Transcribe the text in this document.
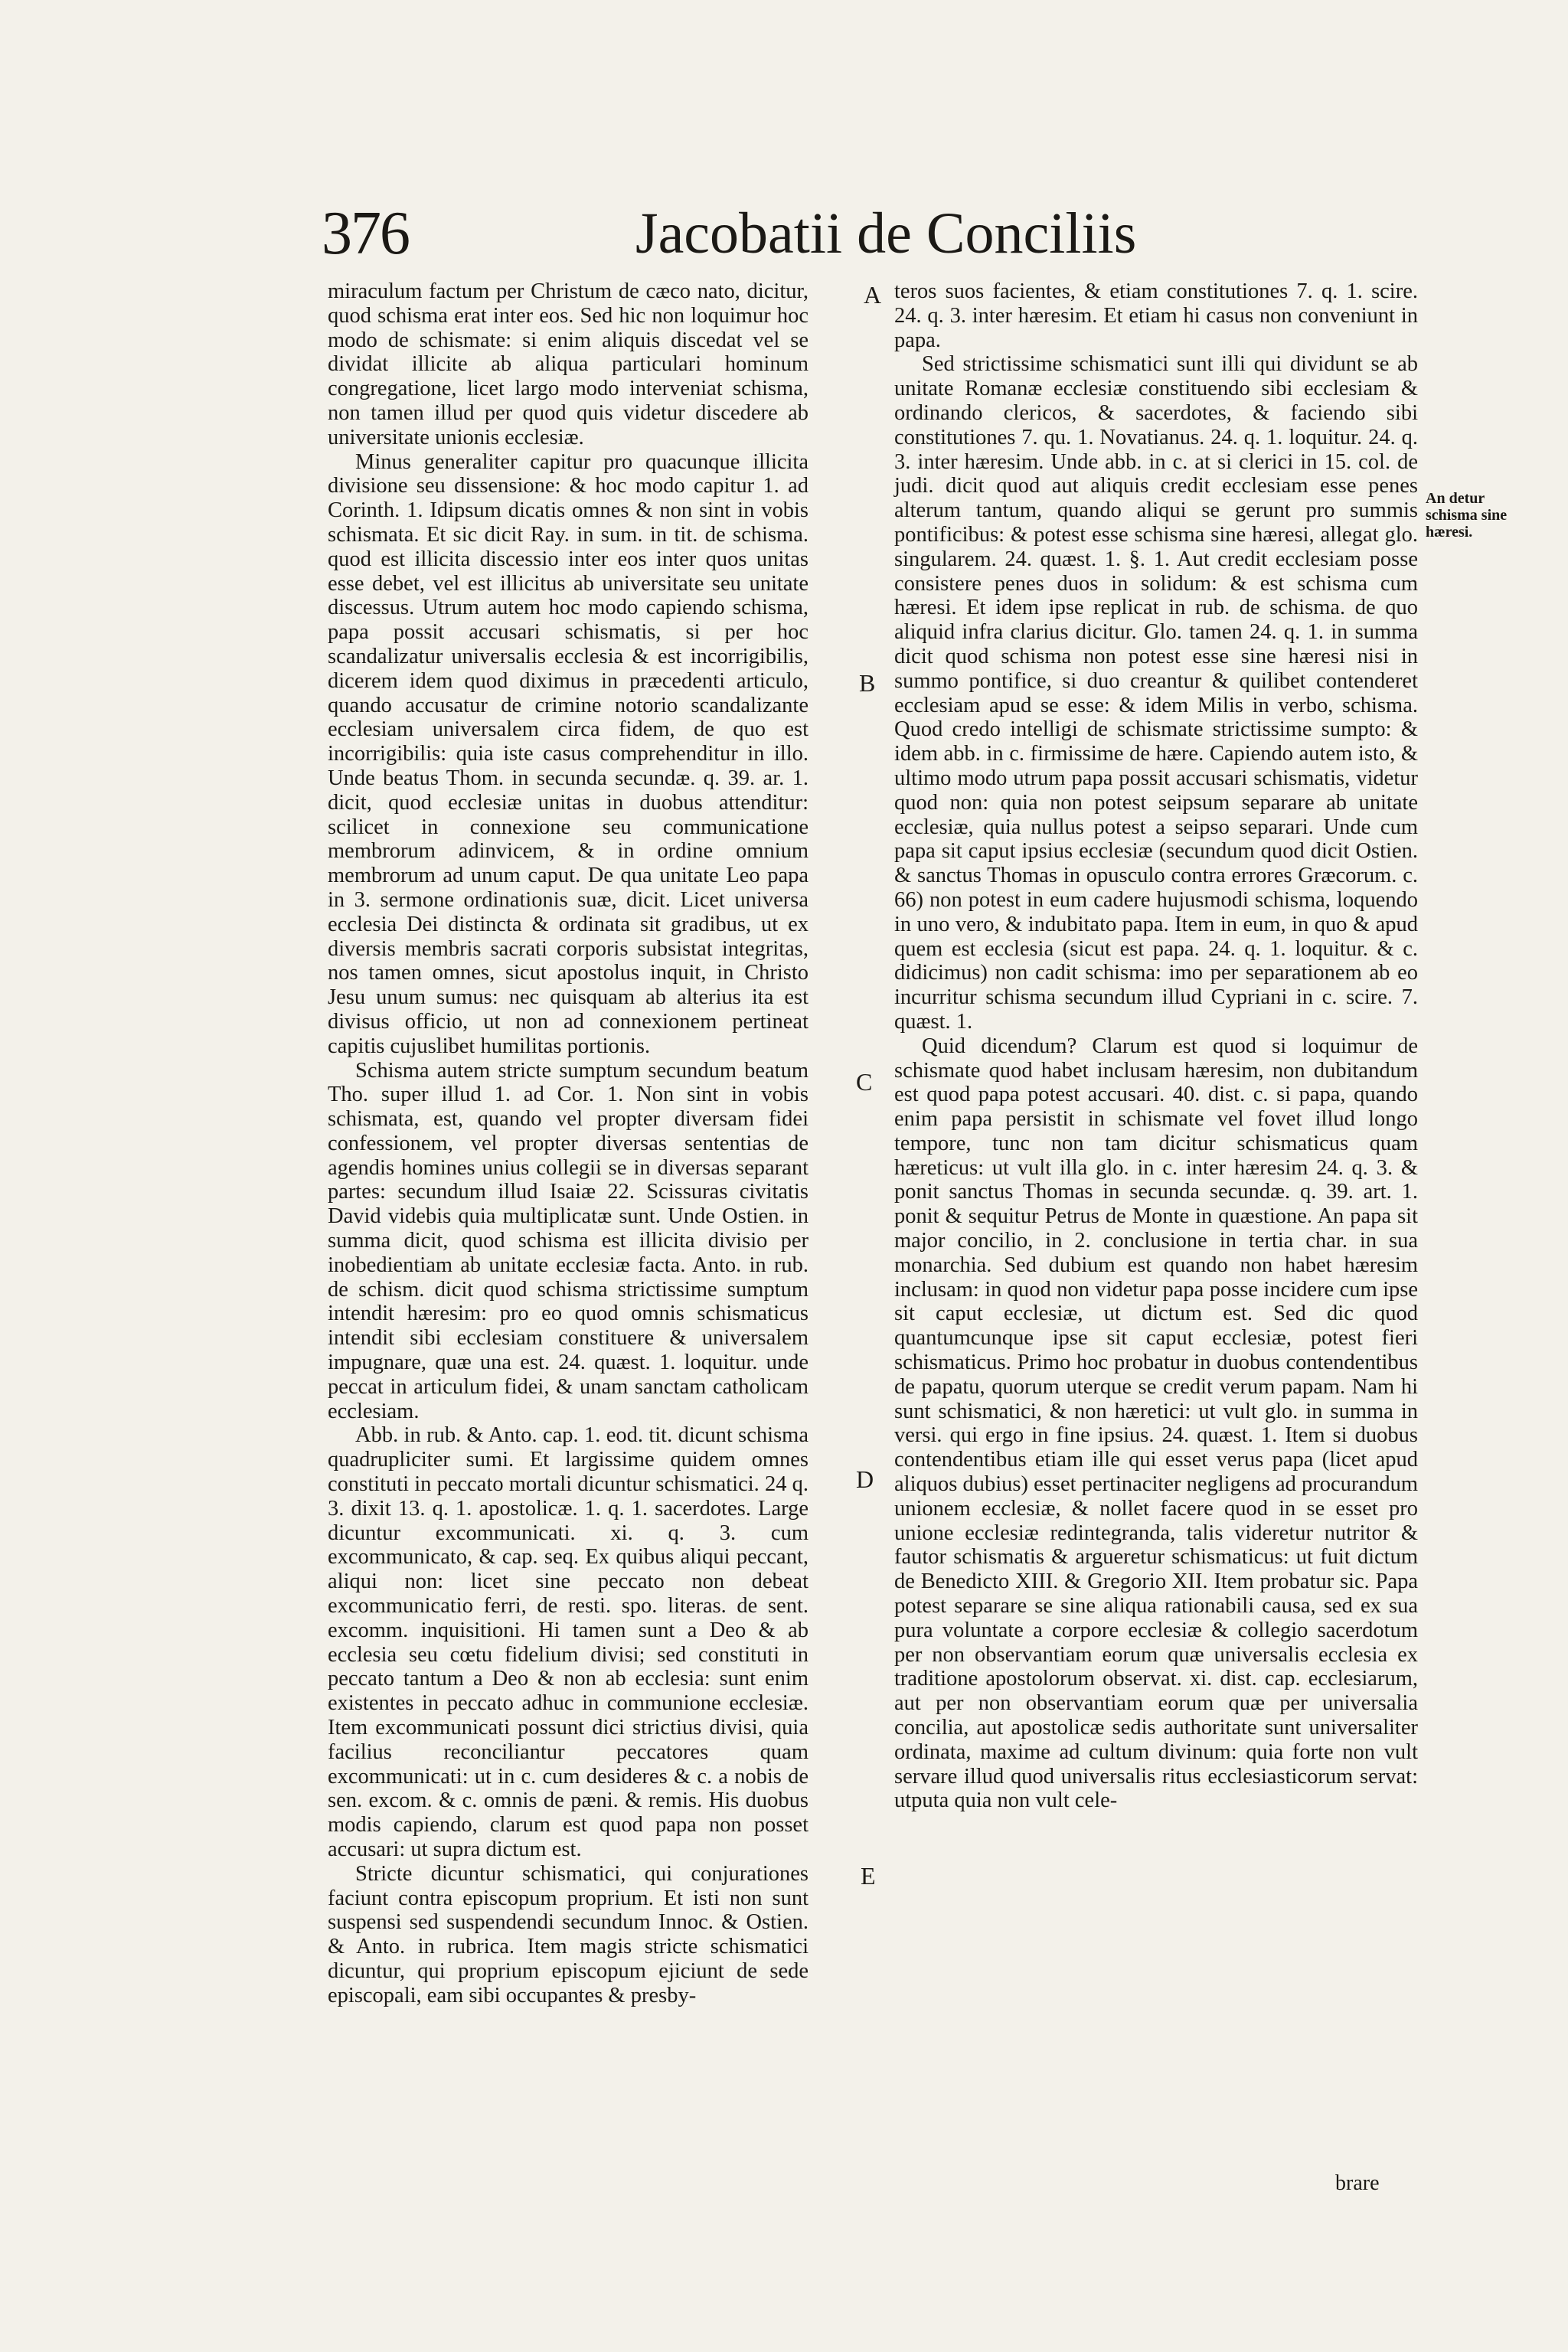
376	Jacobatii de Conciliis

miraculum factum per Christum de cæco nato, dicitur, quod schisma erat inter eos. Sed hic non loquimur hoc modo de schismate: si enim aliquis discedat vel se dividat illicite ab aliqua particulari hominum congregatione, licet largo modo interveniat schisma, non tamen illud per quod quis videtur discedere ab universitate unionis ecclesiæ.

Minus generaliter capitur pro quacunque illicita divisione seu dissensione: & hoc modo capitur 1. ad Corinth. 1. Idipsum dicatis omnes & non sint in vobis schismata. Et sic dicit Ray. in sum. in tit. de schisma. quod est illicita discessio inter eos inter quos unitas esse debet, vel est illicitus ab universitate seu unitate discessus. Utrum autem hoc modo capiendo schisma, papa possit accusari schismatis, si per hoc scandalizatur universalis ecclesia & est incorrigibilis, dicerem idem quod diximus in præcedenti articulo, quando accusatur de crimine notorio scandalizante ecclesiam universalem circa fidem, de quo est incorrigibilis: quia iste casus comprehenditur in illo. Unde beatus Thom. in secunda secundæ. q. 39. ar. 1. dicit, quod ecclesiæ unitas in duobus attenditur: scilicet in connexione seu communicatione membrorum adinvicem, & in ordine omnium membrorum ad unum caput. De qua unitate Leo papa in 3. sermone ordinationis suæ, dicit. Licet universa ecclesia Dei distincta & ordinata sit gradibus, ut ex diversis membris sacrati corporis subsistat integritas, nos tamen omnes, sicut apostolus inquit, in Christo Jesu unum sumus: nec quisquam ab alterius ita est divisus officio, ut non ad connexionem pertineat capitis cujuslibet humilitas portionis.

Schisma autem stricte sumptum secundum beatum Tho. super illud 1. ad Cor. 1. Non sint in vobis schismata, est, quando vel propter diversam fidei confessionem, vel propter diversas sententias de agendis homines unius collegii se in diversas separant partes: secundum illud Isaiæ 22. Scissuras civitatis David videbis quia multiplicatæ sunt. Unde Ostien. in summa dicit, quod schisma est illicita divisio per inobedientiam ab unitate ecclesiæ facta. Anto. in rub. de schism. dicit quod schisma strictissime sumptum intendit hæresim: pro eo quod omnis schismaticus intendit sibi ecclesiam constituere & universalem impugnare, quæ una est. 24. quæst. 1. loquitur. unde peccat in articulum fidei, & unam sanctam catholicam ecclesiam.

Abb. in rub. & Anto. cap. 1. eod. tit. dicunt schisma quadrupliciter sumi. Et largissime quidem omnes constituti in peccato mortali dicuntur schismatici. 24 q. 3. dixit 13. q. 1. apostolicæ. 1. q. 1. sacerdotes. Large dicuntur excommunicati. xi. q. 3. cum excommunicato, & cap. seq. Ex quibus aliqui peccant, aliqui non: licet sine peccato non debeat excommunicatio ferri, de resti. spo. literas. de sent. excomm. inquisitioni. Hi tamen sunt a Deo & ab ecclesia seu cœtu fidelium divisi; sed constituti in peccato tantum a Deo & non ab ecclesia: sunt enim existentes in peccato adhuc in communione ecclesiæ. Item excommunicati possunt dici strictius divisi, quia facilius reconciliantur peccatores quam excommunicati: ut in c. cum desideres & c. a nobis de sen. excom. & c. omnis de pæni. & remis. His duobus modis capiendo, clarum est quod papa non posset accusari: ut supra dictum est.

Stricte dicuntur schismatici, qui conjurationes faciunt contra episcopum proprium. Et isti non sunt suspensi sed suspendendi secundum Innoc. & Ostien. & Anto. in rubrica. Item magis stricte schismatici dicuntur, qui proprium episcopum ejiciunt de sede episcopali, eam sibi occupantes & presby-

A
B
C
D
E

teros suos facientes, & etiam constitutiones 7. q. 1. scire. 24. q. 3. inter hæresim. Et etiam hi casus non conveniunt in papa.

Sed strictissime schismatici sunt illi qui dividunt se ab unitate Romanæ ecclesiæ constituendo sibi ecclesiam & ordinando clericos, & sacerdotes, & faciendo sibi constitutiones 7. qu. 1. Novatianus. 24. q. 1. loquitur. 24. q. 3. inter hæresim. Unde abb. in c. at si clerici in 15. col. de judi. dicit quod aut aliquis credit ecclesiam esse penes alterum tantum, quando aliqui se gerunt pro summis pontificibus: & potest esse schisma sine hæresi, allegat glo. singularem. 24. quæst. 1. §. 1. Aut credit ecclesiam posse consistere penes duos in solidum: & est schisma cum hæresi. Et idem ipse replicat in rub. de schisma. de quo aliquid infra clarius dicitur. Glo. tamen 24. q. 1. in summa dicit quod schisma non potest esse sine hæresi nisi in summo pontifice, si duo creantur & quilibet contenderet ecclesiam apud se esse: & idem Milis in verbo, schisma. Quod credo intelligi de schismate strictissime sumpto: & idem abb. in c. firmissime de hære. Capiendo autem isto, & ultimo modo utrum papa possit accusari schismatis, videtur quod non: quia non potest seipsum separare ab unitate ecclesiæ, quia nullus potest a seipso separari. Unde cum papa sit caput ipsius ecclesiæ (secundum quod dicit Ostien. & sanctus Thomas in opusculo contra errores Græcorum. c. 66) non potest in eum cadere hujusmodi schisma, loquendo in uno vero, & indubitato papa. Item in eum, in quo & apud quem est ecclesia (sicut est papa. 24. q. 1. loquitur. & c. didicimus) non cadit schisma: imo per separationem ab eo incurritur schisma secundum illud Cypriani in c. scire. 7. quæst. 1.

Quid dicendum? Clarum est quod si loquimur de schismate quod habet inclusam hæresim, non dubitandum est quod papa potest accusari. 40. dist. c. si papa, quando enim papa persistit in schismate vel fovet illud longo tempore, tunc non tam dicitur schismaticus quam hæreticus: ut vult illa glo. in c. inter hæresim 24. q. 3. & ponit sanctus Thomas in secunda secundæ. q. 39. art. 1. ponit & sequitur Petrus de Monte in quæstione. An papa sit major concilio, in 2. conclusione in tertia char. in sua monarchia. Sed dubium est quando non habet hæresim inclusam: in quod non videtur papa posse incidere cum ipse sit caput ecclesiæ, ut dictum est. Sed dic quod quantumcunque ipse sit caput ecclesiæ, potest fieri schismaticus. Primo hoc probatur in duobus contendentibus de papatu, quorum uterque se credit verum papam. Nam hi sunt schismatici, & non hæretici: ut vult glo. in summa in versi. qui ergo in fine ipsius. 24. quæst. 1. Item si duobus contendentibus etiam ille qui esset verus papa (licet apud aliquos dubius) esset pertinaciter negligens ad procurandum unionem ecclesiæ, & nollet facere quod in se esset pro unione ecclesiæ redintegranda, talis videretur nutritor & fautor schismatis & argueretur schismaticus: ut fuit dictum de Benedicto XIII. & Gregorio XII. Item probatur sic. Papa potest separare se sine aliqua rationabili causa, sed ex sua pura voluntate a corpore ecclesiæ & collegio sacerdotum per non observantiam eorum quæ universalis ecclesia ex traditione apostolorum observat. xi. dist. cap. ecclesiarum, aut per non observantiam eorum quæ per universalia concilia, aut apostolicæ sedis authoritate sunt universaliter ordinata, maxime ad cultum divinum: quia forte non vult servare illud quod universalis ritus ecclesiasticorum servat: utputa quia non vult cele-

An detur schisma sine hæresi.
brare
